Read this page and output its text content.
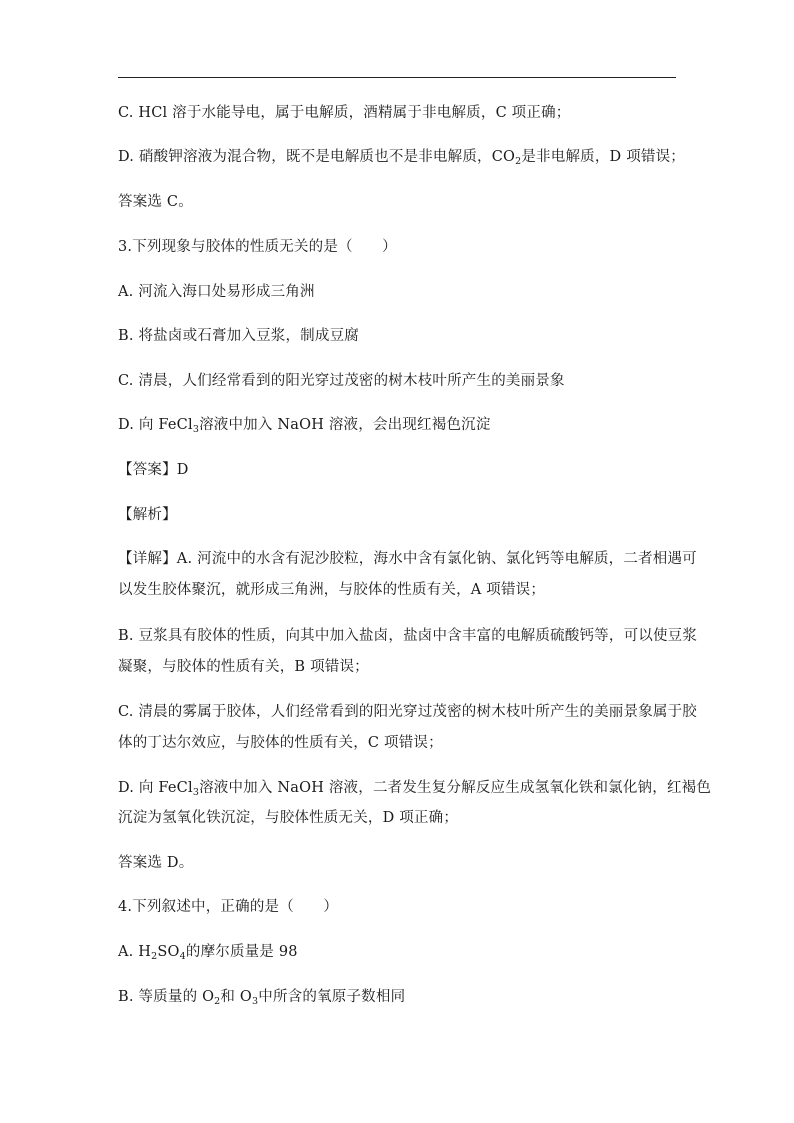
C. HCl 溶于水能导电，属于电解质，酒精属于非电解质，C 项正确；
D. 硝酸钾溶液为混合物，既不是电解质也不是非电解质，$CO_2$是非电解质，D 项错误；
答案选 C。
3.下列现象与胶体的性质无关的是（　　）
A. 河流入海口处易形成三角洲
B. 将盐卤或石膏加入豆浆，制成豆腐
C. 清晨，人们经常看到的阳光穿过茂密的树木枝叶所产生的美丽景象
D. 向 FeCl$_3$溶液中加入 NaOH 溶液，会出现红褐色沉淀
【答案】D
【解析】
【详解】A. 河流中的水含有泥沙胶粒，海水中含有氯化钠、氯化钙等电解质，二者相遇可
以发生胶体聚沉，就形成三角洲，与胶体的性质有关，A 项错误；
B. 豆浆具有胶体的性质，向其中加入盐卤，盐卤中含丰富的电解质硫酸钙等，可以使豆浆
凝聚，与胶体的性质有关，B 项错误；
C. 清晨的雾属于胶体，人们经常看到的阳光穿过茂密的树木枝叶所产生的美丽景象属于胶
体的丁达尔效应，与胶体的性质有关，C 项错误；
D. 向 FeCl$_3$溶液中加入 NaOH 溶液，二者发生复分解反应生成氢氧化铁和氯化钠，红褐色
沉淀为氢氧化铁沉淀，与胶体性质无关，D 项正确；
答案选 D。
4.下列叙述中，正确的是（　　）
A. $H_2SO_4$的摩尔质量是 98
B. 等质量的 $O_2$和 $O_3$中所含的氧原子数相同
